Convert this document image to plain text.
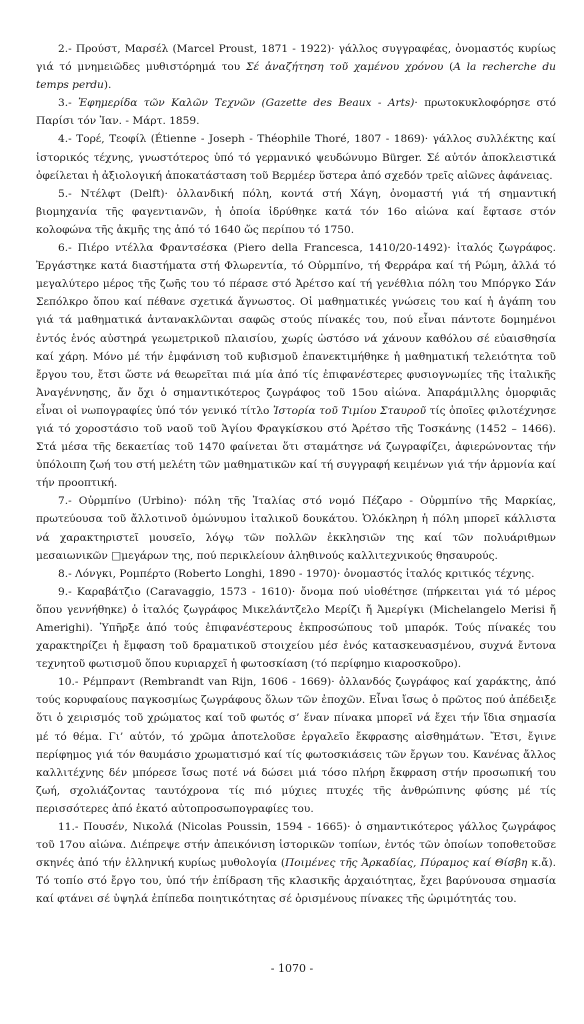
2.- Προύστ, Μαρσέλ (Marcel Proust, 1871 - 1922)· γάλλος συγγραφέας, ὀνομαστός κυρίως γιά τό μνημειῶδες μυθιστόρημά του Σέ ἀναζήτηση τοῦ χαμένου χρόνου (A la recherche du temps perdu).

3.- Ἐφημερίδα τῶν Καλῶν Τεχνῶν (Gazette des Beaux - Arts)· πρωτοκυκλοφόρησε στό Παρίσι τόν Ἰαν. - Μάρτ. 1859.

4.- Τορέ, Τεοφίλ (Étienne - Joseph - Théophile Thoré, 1807 - 1869)· γάλλος συλλέκτης καί ἱστορικός τέχνης, γνωστότερος ὑπό τό γερμανικό ψευδώνυμο Bürger. Σέ αὐτόν ἀποκλειστικά ὀφείλεται ἡ ἀξιολογική ἀποκατάσταση τοῦ Βερμέερ ὕστερα ἀπό σχεδόν τρεῖς αἰῶνες ἀφάνειας.

5.- Ντέλφτ (Delft)· ὀλλανδική πόλη, κοντά στή Χάγη, ὀνομαστή γιά τή σημαντική βιομηχανία τῆς φαγεντιανῶν, ἡ ὁποία ἱδρύθηκε κατά τόν 16ο αἰώνα καί ἔφτασε στόν κολοφώνα τῆς ἀκμῆς της ἀπό τό 1640 ὥς περίπου τό 1750.

6.- Πιέρο ντέλλα Φραντσέσκα (Piero della Francesca, 1410/20-1492)· ἰταλός ζωγράφος. Ἐργάστηκε κατά διαστήματα στή Φλωρεντία, τό Οὐρμπίνο, τή Φερράρα καί τή Ρώμη, ἀλλά τό μεγαλύτερο μέρος τῆς ζωῆς του τό πέρασε στό Ἀρέτσο καί τή γενέθλια πόλη του Μπόργκο Σάν Σεπόλκρο ὅπου καί πέθανε σχετικά ἄγνωστος. Οἱ μαθηματικές γνώσεις του καί ἡ ἀγάπη του γιά τά μαθηματικά ἀντανακλῶνται σαφῶς στούς πίνακές του, πού εἶναι πάντοτε δομημένοι ἐντός ἑνός αὐστηρά γεωμετρικοῦ πλαισίου, χωρίς ὡστόσο νά χάνουν καθόλου σέ εὐαισθησία καί χάρη. Μόνο μέ τήν ἐμφάνιση τοῦ κυβισμοῦ ἐπανεκτιμήθηκε ἡ μαθηματική τελειότητα τοῦ ἔργου του, ἔτσι ὥστε νά θεωρεῖται πιά μία ἀπό τίς ἐπιφανέστερες φυσιογνωμίες τῆς ἰταλικῆς Ἀναγέννησης, ἄν ὄχι ὁ σημαντικότερος ζωγράφος τοῦ 15ου αἰώνα. Ἀπαράμιλλης ὀμορφιᾶς εἶναι οἱ νωπογραφίες ὑπό τόν γενικό τίτλο Ἰστορία τοῦ Τιμίου Σταυροῦ τίς ὁποῖες φιλοτέχνησε γιά τό χοροστάσιο τοῦ ναοῦ τοῦ Ἁγίου Φραγκίσκου στό Ἀρέτσο τῆς Τοσκάνης (1452 – 1466). Στά μέσα τῆς δεκαετίας τοῦ 1470 φαίνεται ὅτι σταμάτησε νά ζωγραφίζει, ἀφιερώνοντας τήν ὑπόλοιπη ζωή του στή μελέτη τῶν μαθηματικῶν καί τή συγγραφή κειμένων γιά τήν ἁρμονία καί τήν προοπτική.

7.- Οὐρμπίνο (Urbino)· πόλη τῆς Ἰταλίας στό νομό Πέζαρο - Οὐρμπίνο τῆς Μαρκίας, πρωτεύουσα τοῦ ἄλλοτινοῦ ὁμώνυμου ἰταλικοῦ δουκάτου. Ὁλόκληρη ἡ πόλη μπορεῖ κάλλιστα νά χαρακτηριστεῖ μουσεῖο, λόγῳ τῶν πολλῶν ἐκκλησιῶν της καί τῶν πολυάριθμων μεσαιωνικῶν □μεγάρων της, πού περικλείουν ἀληθινούς καλλιτεχνικούς θησαυρούς.

8.- Λόνγκι, Ρομπέρτο (Roberto Longhi, 1890 - 1970)· ὀνομαστός ἰταλός κριτικός τέχνης.

9.- Καραβάτζιο (Caravaggio, 1573 - 1610)· ὄνομα πού υἱοθέτησε (πήρκειται γιά τό μέρος ὅπου γεννήθηκε) ὁ ἰταλός ζωγράφος Μικελάντζελο Μερίζι ἤ Ἀμερίγκι (Michelangelo Merisi ἤ Amerighi). Ὑπῆρξε ἀπό τούς ἐπιφανέστερους ἐκπροσώπους τοῦ μπαρόκ. Τούς πίνακές του χαρακτηρίζει ἡ ἔμφαση τοῦ δραματικοῦ στοιχείου μέσ ἑνός κατασκευασμένου, συχνά ἔντονα τεχνητοῦ φωτισμοῦ ὅπου κυριαρχεῖ ἡ φωτοσκίαση (τό περίφημο κιαροσκοῦρο).

10.- Ρέμπραντ (Rembrandt van Rijn, 1606 - 1669)· ὀλλανδός ζωγράφος καί χαράκτης, ἀπό τούς κορυφαίους παγκοσμίως ζωγράφους ὅλων τῶν ἐποχῶν. Εἶναι ἴσως ὁ πρῶτος πού ἀπέδειξε ὅτι ὁ χειρισμός τοῦ χρώματος καί τοῦ φωτός σ’ ἕναν πίνακα μπορεῖ νά ἔχει τήν ἴδια σημασία μέ τό θέμα. Γι’ αὐτόν, τό χρῶμα ἀποτελοῦσε ἐργαλεῖο ἔκφρασης αἰσθημάτων. Ἔτσι, ἔγινε περίφημος γιά τόν θαυμάσιο χρωματισμό καί τίς φωτοσκιάσεις τῶν ἔργων του. Κανένας ἄλλος καλλιτέχνης δέν μπόρεσε ἴσως ποτέ νά δώσει μιά τόσο πλήρη ἔκφραση στήν προσωπική του ζωή, σχολιάζοντας ταυτόχρονα τίς πιό μύχιες πτυχές τῆς ἀνθρώπινης φύσης μέ τίς περισσότερες ἀπό ἑκατό αὐτοπροσωπογραφίες του.

11.- Πουσέν, Νικολά (Nicolas Poussin, 1594 - 1665)· ὁ σημαντικότερος γάλλος ζωγράφος τοῦ 17ου αἰώνα. Διέπρεψε στήν ἀπεικόνιση ἱστορικῶν τοπίων, ἐντός τῶν ὁποίων τοποθετοῦσε σκηνές ἀπό τήν ἑλληνική κυρίως μυθολογία (Ποιμένες τῆς Ἀρκαδίας, Πύραμος καί Θίσβη κ.ἄ). Τό τοπίο στό ἔργο του, ὑπό τήν ἐπίδραση τῆς κλασικῆς ἀρχαιότητας, ἔχει βαρύνουσα σημασία καί φτάνει σέ ὑψηλά ἐπίπεδα ποιητικότητας σέ ὁρισμένους πίνακες τῆς ὡριμότητάς του.

- 1070 -
